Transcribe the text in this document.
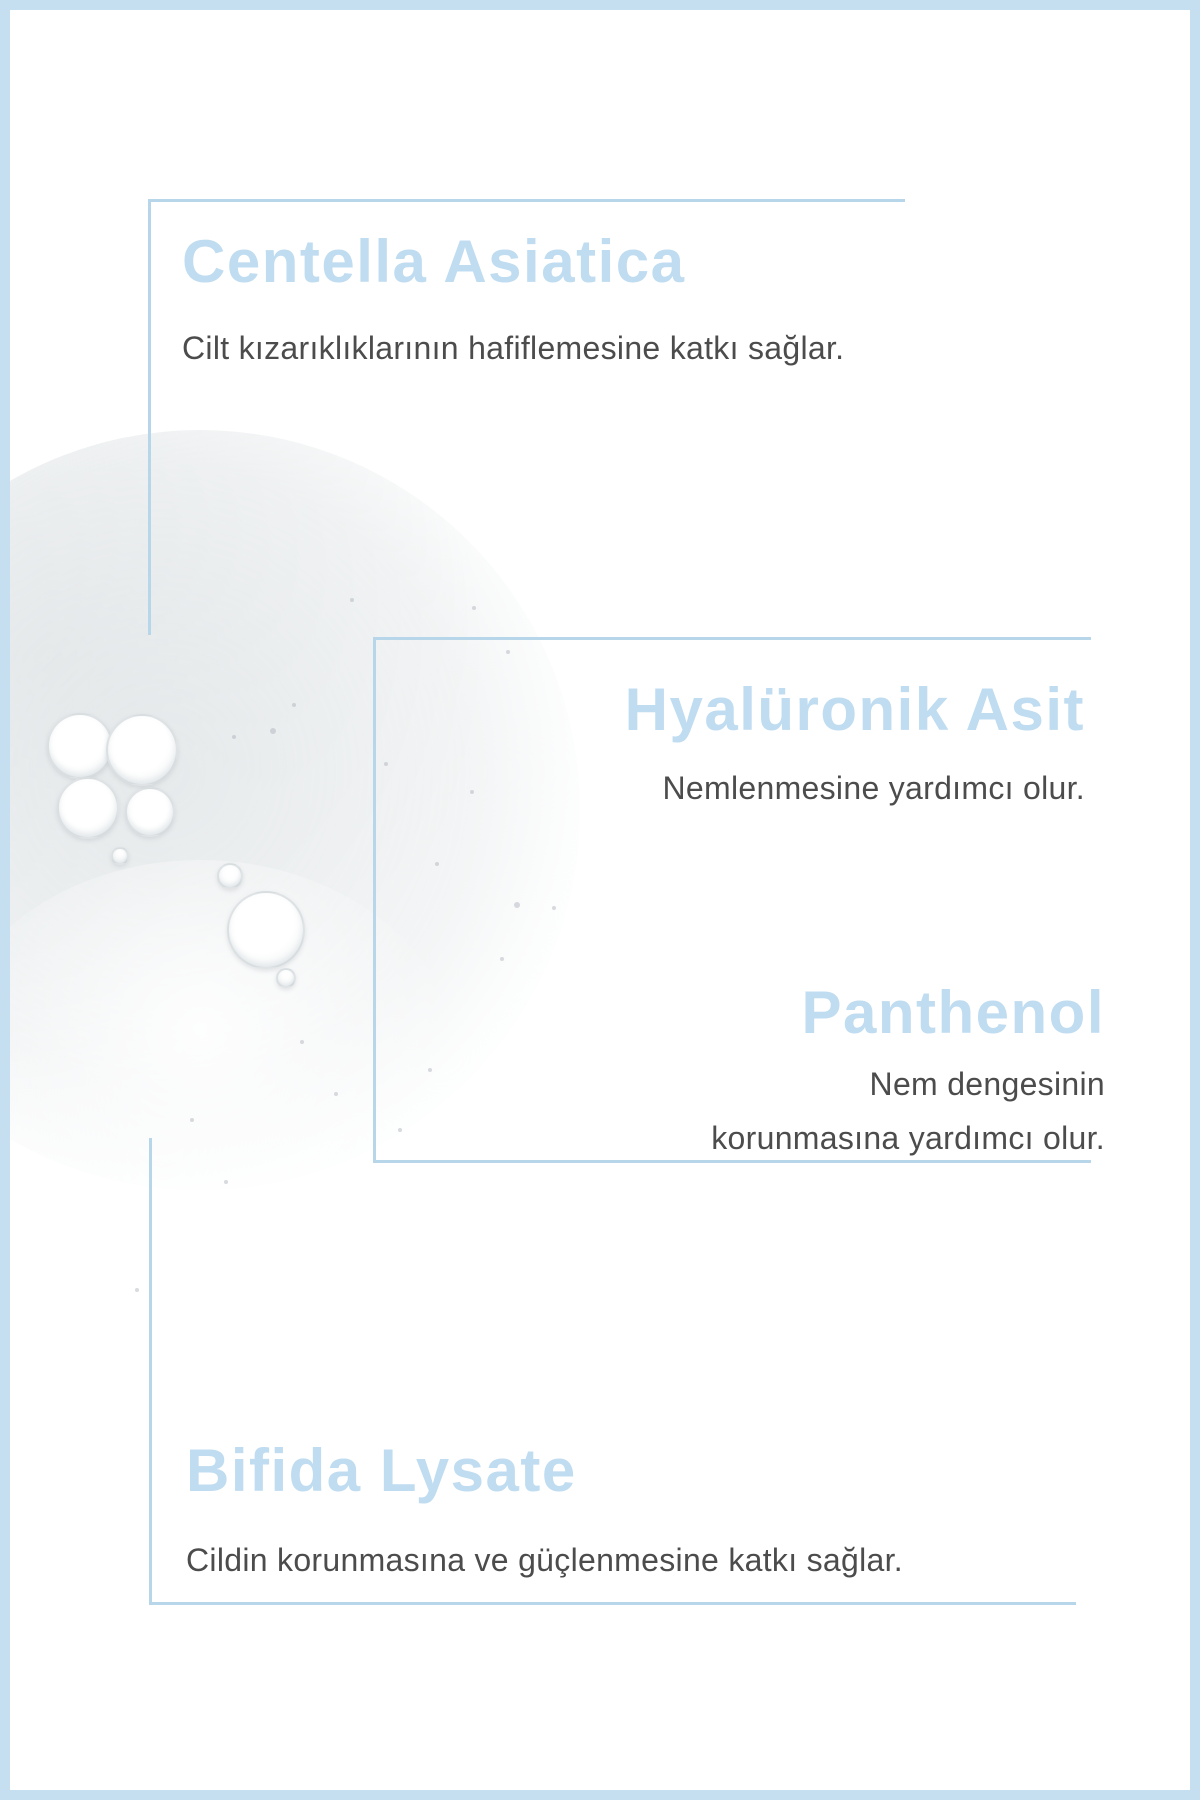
Centella Asiatica

Cilt kızarıklıklarının hafiflemesine katkı sağlar.

Hyalüronik Asit

Nemlenmesine yardımcı olur.

Panthenol

Nem dengesinin
korunmasına yardımcı olur.

Bifida Lysate

Cildin korunmasına ve güçlenmesine katkı sağlar.
